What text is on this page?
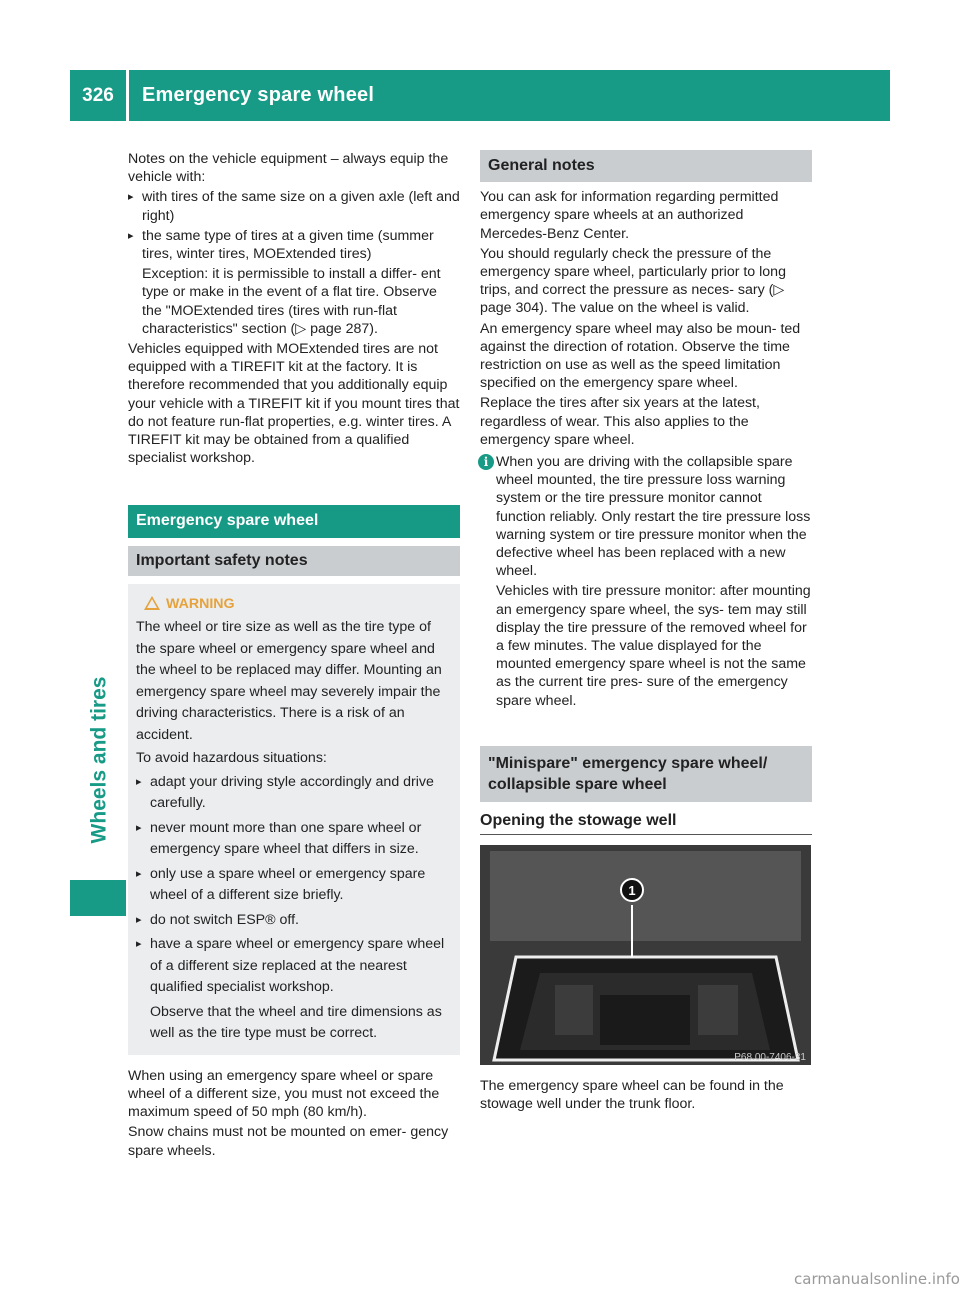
326	Emergency spare wheel
Wheels and tires

Notes on the vehicle equipment – always equip the vehicle with:

▸ with tires of the same size on a given axle (left and right)
▸ the same type of tires at a given time (summer tires, winter tires, MOExtended tires)

Exception: it is permissible to install a differ- ent type or make in the event of a flat tire. Observe the "MOExtended tires (tires with run-flat characteristics" section (▷ page 287).

Vehicles equipped with MOExtended tires are not equipped with a TIREFIT kit at the factory. It is therefore recommended that you additionally equip your vehicle with a TIREFIT kit if you mount tires that do not feature run-flat properties, e.g. winter tires. A TIREFIT kit may be obtained from a qualified specialist workshop.

Emergency spare wheel
Important safety notes
WARNING

The wheel or tire size as well as the tire type of the spare wheel or emergency spare wheel and the wheel to be replaced may differ. Mounting an emergency spare wheel may severely impair the driving characteristics. There is a risk of an accident.

To avoid hazardous situations:

▸ adapt your driving style accordingly and drive carefully.
▸ never mount more than one spare wheel or emergency spare wheel that differs in size.
▸ only use a spare wheel or emergency spare wheel of a different size briefly.
▸ do not switch ESP® off.
▸ have a spare wheel or emergency spare wheel of a different size replaced at the nearest qualified specialist workshop.

Observe that the wheel and tire dimensions as well as the tire type must be correct.

When using an emergency spare wheel or spare wheel of a different size, you must not exceed the maximum speed of 50 mph (80 km/h).

Snow chains must not be mounted on emer- gency spare wheels.

General notes

You can ask for information regarding permitted emergency spare wheels at an authorized Mercedes-Benz Center.

You should regularly check the pressure of the emergency spare wheel, particularly prior to long trips, and correct the pressure as neces- sary (▷ page 304). The value on the wheel is valid.

An emergency spare wheel may also be moun- ted against the direction of rotation. Observe the time restriction on use as well as the speed limitation specified on the emergency spare wheel.

Replace the tires after six years at the latest, regardless of wear. This also applies to the emergency spare wheel.

i When you are driving with the collapsible spare wheel mounted, the tire pressure loss warning system or the tire pressure monitor cannot function reliably. Only restart the tire pressure loss warning system or tire pressure monitor when the defective wheel has been replaced with a new wheel.

Vehicles with tire pressure monitor: after mounting an emergency spare wheel, the sys- tem may still display the tire pressure of the removed wheel for a few minutes. The value displayed for the mounted emergency spare wheel is not the same as the current tire pres- sure of the emergency spare wheel.

"Minispare" emergency spare wheel/ collapsible spare wheel
Opening the stowage well
1
P68.00-7406-31

The emergency spare wheel can be found in the stowage well under the trunk floor.

carmanualsonline.info
